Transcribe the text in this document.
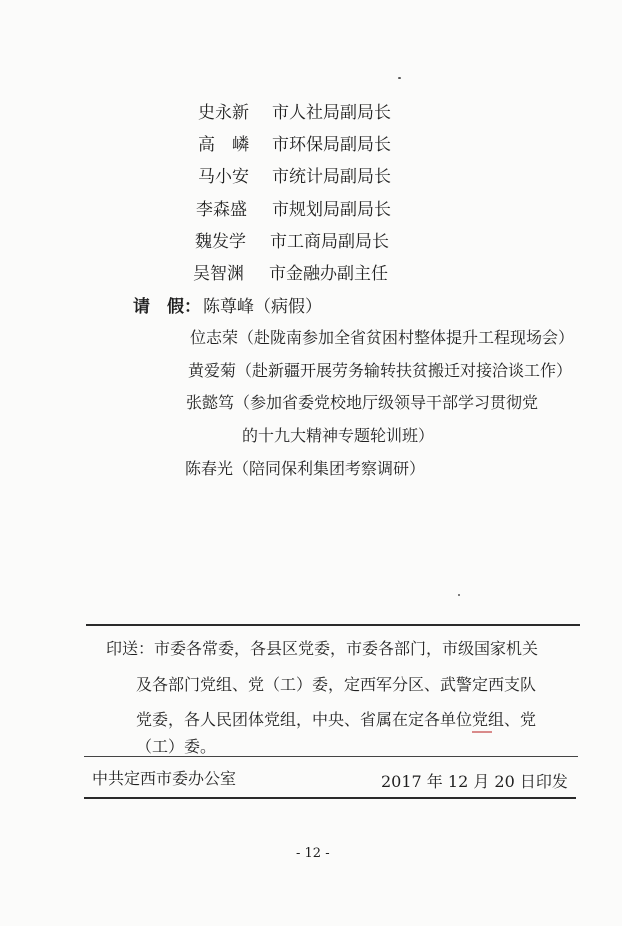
史永新 市人社局副局长
高　嶙 市环保局副局长
马小安 市统计局副局长
李森盛 市规划局副局长
魏发学 市工商局副局长
吴智渊 市金融办副主任
请　假： 陈尊峰（病假）
位志荣（赴陇南参加全省贫困村整体提升工程现场会）
黄爱菊（赴新疆开展劳务输转扶贫搬迁对接洽谈工作）
张懿笃（参加省委党校地厅级领导干部学习贯彻党
的十九大精神专题轮训班）
陈春光（陪同保利集团考察调研）
印送：市委各常委，各县区党委，市委各部门，市级国家机关
及各部门党组、党（工）委，定西军分区、武警定西支队
党委，各人民团体党组，中央、省属在定各单位党组、党
（工）委。
中共定西市委办公室	2017 年 12 月 20 日印发
- 12 -
